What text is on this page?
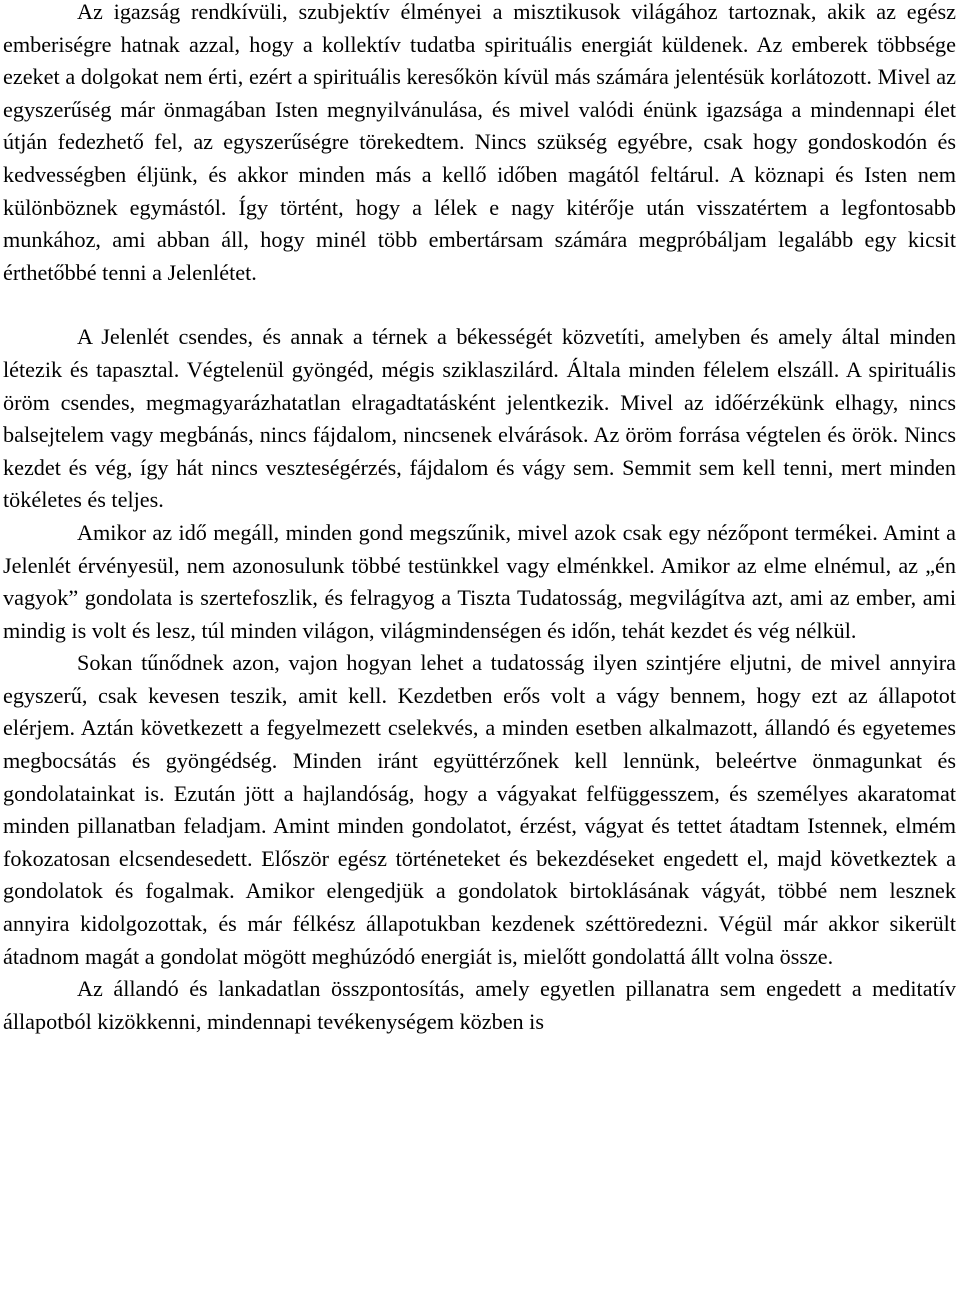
Az igazság rendkívüli, szubjektív élményei a misztikusok világához tartoznak, akik az egész emberiségre hatnak azzal, hogy a kollektív tudatba spirituális energiát küldenek. Az emberek többsége ezeket a dolgokat nem érti, ezért a spirituális keresőkön kívül más számára jelentésük korlátozott. Mivel az egyszerűség már önmagában Isten megnyilvánulása, és mivel valódi énünk igazsága a mindennapi élet útján fedezhető fel, az egyszerűségre törekedtem. Nincs szükség egyébre, csak hogy gondoskodón és kedvességben éljünk, és akkor minden más a kellő időben magától feltárul. A köznapi és Isten nem különböznek egymástól. Így történt, hogy a lélek e nagy kitérője után visszatértem a legfontosabb munkához, ami abban áll, hogy minél több embertársam számára megpróbáljam legalább egy kicsit érthetőbbé tenni a Jelenlétet.

A Jelenlét csendes, és annak a térnek a békességét közvetíti, amelyben és amely által minden létezik és tapasztal. Végtelenül gyöngéd, mégis sziklaszilárd. Általa minden félelem elszáll. A spirituális öröm csendes, megmagyarázhatatlan elragadtatásként jelentkezik. Mivel az időérzékünk elhagy, nincs balsejtelem vagy megbánás, nincs fájdalom, nincsenek elvárások. Az öröm forrása végtelen és örök. Nincs kezdet és vég, így hát nincs veszteségérzés, fájdalom és vágy sem. Semmit sem kell tenni, mert minden tökéletes és teljes.

Amikor az idő megáll, minden gond megszűnik, mivel azok csak egy nézőpont termékei. Amint a Jelenlét érvényesül, nem azonosulunk többé testünkkel vagy elménkkel. Amikor az elme elnémul, az „én vagyok” gondolata is szertefoszlik, és felragyog a Tiszta Tudatosság, megvilágítva azt, ami az ember, ami mindig is volt és lesz, túl minden világon, világmindenségen és időn, tehát kezdet és vég nélkül.

Sokan tűnődnek azon, vajon hogyan lehet a tudatosság ilyen szintjére eljutni, de mivel annyira egyszerű, csak kevesen teszik, amit kell. Kezdetben erős volt a vágy bennem, hogy ezt az állapotot elérjem. Aztán következett a fegyelmezett cselekvés, a minden esetben alkalmazott, állandó és egyetemes megbocsátás és gyöngédség. Minden iránt együttérzőnek kell lennünk, beleértve önmagunkat és gondolatainkat is. Ezután jött a hajlandóság, hogy a vágyakat felfüggesszem, és személyes akaratomat minden pillanatban feladjam. Amint minden gondolatot, érzést, vágyat és tettet átadtam Istennek, elmém fokozatosan elcsendesedett. Először egész történeteket és bekezdéseket engedett el, majd következtek a gondolatok és fogalmak. Amikor elengedjük a gondolatok birtoklásának vágyát, többé nem lesznek annyira kidolgozottak, és már félkész állapotukban kezdenek széttöredezni. Végül már akkor sikerült átadnom magát a gondolat mögött meghúzódó energiát is, mielőtt gondolattá állt volna össze.

Az állandó és lankadatlan összpontosítás, amely egyetlen pillanatra sem engedett a meditatív állapotból kizökkenni, mindennapi tevékenységem közben is
